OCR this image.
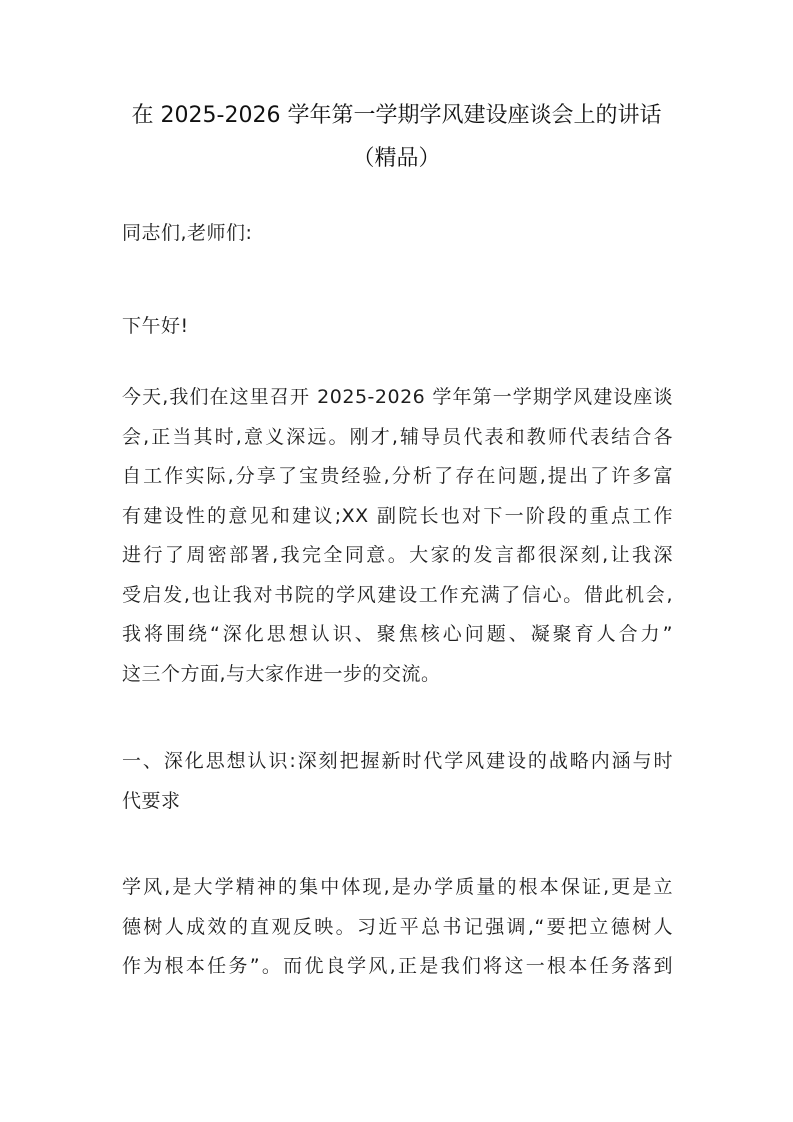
在 2025-2026 学年第一学期学风建设座谈会上的讲话
（精品）
同志们,老师们:
下午好!
今天,我们在这里召开 2025-2026 学年第一学期学风建设座谈
会,正当其时,意义深远。刚才,辅导员代表和教师代表结合各
自工作实际,分享了宝贵经验,分析了存在问题,提出了许多富
有建设性的意见和建议;XX 副院长也对下一阶段的重点工作
进行了周密部署,我完全同意。大家的发言都很深刻,让我深
受启发,也让我对书院的学风建设工作充满了信心。借此机会,
我将围绕“深化思想认识、聚焦核心问题、凝聚育人合力”
这三个方面,与大家作进一步的交流。
一、深化思想认识:深刻把握新时代学风建设的战略内涵与时
代要求
学风,是大学精神的集中体现,是办学质量的根本保证,更是立
德树人成效的直观反映。习近平总书记强调,“要把立德树人
作为根本任务”。而优良学风,正是我们将这一根本任务落到
